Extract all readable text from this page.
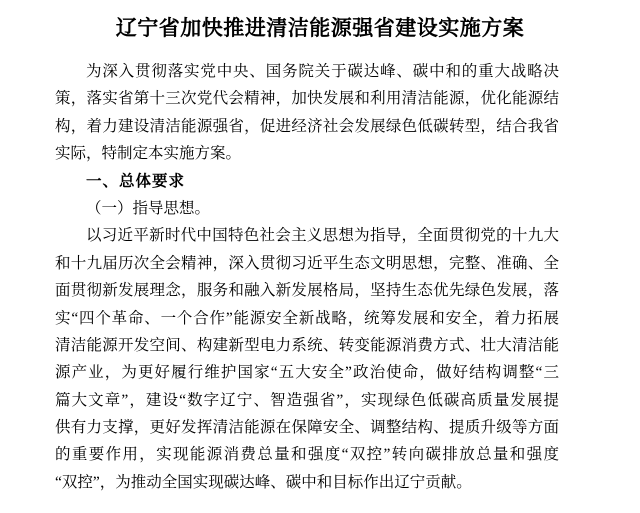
辽宁省加快推进清洁能源强省建设实施方案
为深入贯彻落实党中央、国务院关于碳达峰、碳中和的重大战略决
策，落实省第十三次党代会精神，加快发展和利用清洁能源，优化能源结
构，着力建设清洁能源强省，促进经济社会发展绿色低碳转型，结合我省
实际，特制定本实施方案。
一、总体要求
（一）指导思想。
以习近平新时代中国特色社会主义思想为指导，全面贯彻党的十九大
和十九届历次全会精神，深入贯彻习近平生态文明思想，完整、准确、全
面贯彻新发展理念，服务和融入新发展格局，坚持生态优先绿色发展，落
实“四个革命、一个合作”能源安全新战略，统筹发展和安全，着力拓展
清洁能源开发空间、构建新型电力系统、转变能源消费方式、壮大清洁能
源产业，为更好履行维护国家“五大安全”政治使命，做好结构调整“三
篇大文章”，建设“数字辽宁、智造强省”，实现绿色低碳高质量发展提
供有力支撑，更好发挥清洁能源在保障安全、调整结构、提质升级等方面
的重要作用，实现能源消费总量和强度“双控”转向碳排放总量和强度
“双控”，为推动全国实现碳达峰、碳中和目标作出辽宁贡献。
